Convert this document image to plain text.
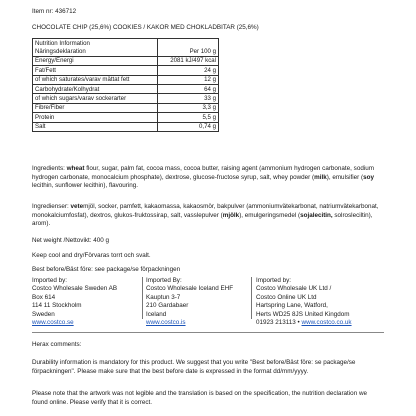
Item nr: 436712
CHOCOLATE CHIP (25,6%) COOKIES / KAKOR MED CHOKLADBITAR (25,6%)
Nutrition Information	
Näringsdeklaration	Per 100 g
Energy/Energi	2081 kJ/497 kcal
Fat/Fett	24 g
of which saturates/varav mättat fett	12 g
Carbohydrate/Kolhydrat	64 g
of which sugars/varav sockerarter	33 g
Fibre/Fiber	3,3 g
Protein	5,5 g
Salt	0,74 g
Ingredients: wheat flour, sugar, palm fat, cocoa mass, cocoa butter, raising agent (ammonium hydrogen carbonate, sodium hydrogen carbonate, monocalcium phosphate), dextrose, glucose-fructose syrup, salt, whey powder (milk), emulsifier (soy lecithin, sunflower lecithin), flavouring.
Ingredienser: vetemjöl, socker, pamfett, kakaomassa, kakaosmör, bakpulver (ammoniumvätekarbonat, natriumvätekarbonat, monokalciumfosfat), dextros, glukos-fruktossirap, salt, vasslepulver (mjölk), emulgeringsmedel (sojalecitin, solrosleciltin), arom).
Net weight /Nettovikt: 400 g
Keep cool and dry/Förvaras torrt och svalt.
Best before/Bäst före: see package/se förpackningen
Imported by:
Costco Wholesale Sweden AB
Box 614
114 11 Stockholm
Sweden
www.costco.se
Imported By:
Costco Wholesale Iceland EHF
Kauptun 3-7
210 Gardabaer
Iceland
www.costco.is
Imported by:
Costco Wholesale UK Ltd /
Costco Online UK Ltd
Hartspring Lane, Watford,
Herts WD25 8JS United Kingdom
01923 213113 • www.costco.co.uk
Herax comments:
Durability information is mandatory for this product. We suggest that you write "Best before/Bäst före: se package/se förpackningen". Please make sure that the best before date is expressed in the format dd/mm/yyyy.
Please note that the artwork was not legible and the translation is based on the specification, the nutrition declaration we found online. Please verify that it is correct.
